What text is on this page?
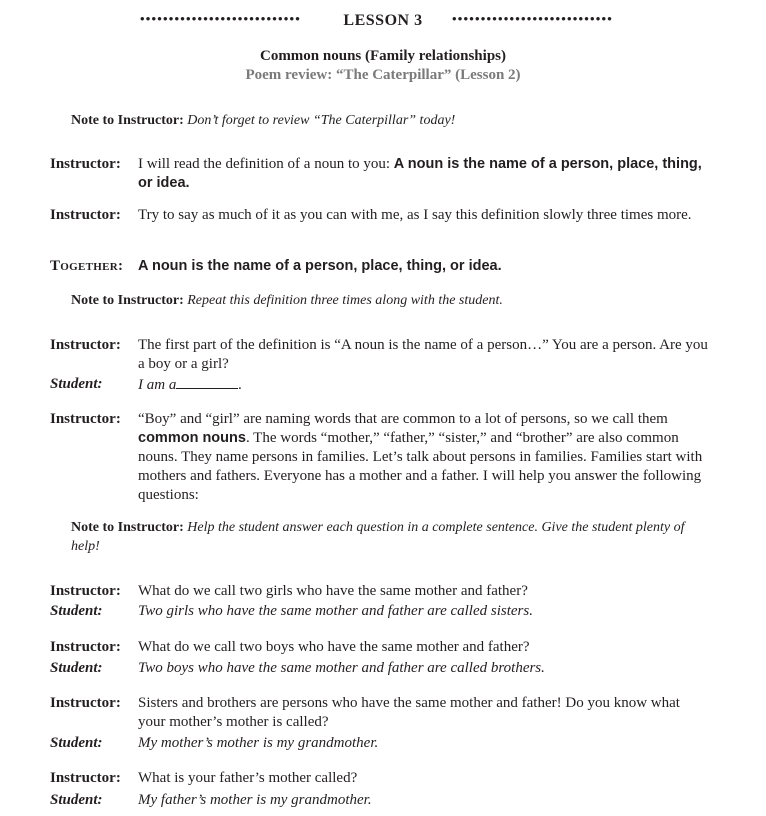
••••••••••••••••••••••••••••	LESSON 3	••••••••••••••••••••••••••••
Common nouns (Family relationships)
Poem review: “The Caterpillar” (Lesson 2)
Note to Instructor: Don’t forget to review “The Caterpillar” today!
Instructor: I will read the definition of a noun to you: A noun is the name of a person, place, thing, or idea.
Instructor: Try to say as much of it as you can with me, as I say this definition slowly three times more.
Together: A noun is the name of a person, place, thing, or idea.
Note to Instructor: Repeat this definition three times along with the student.
Instructor: The first part of the definition is “A noun is the name of a person…” You are a person. Are you a boy or a girl?
Student: I am a	.
Instructor: “Boy” and “girl” are naming words that are common to a lot of persons, so we call them common nouns. The words “mother,” “father,” “sister,” and “brother” are also common nouns. They name persons in families. Let’s talk about persons in families. Families start with mothers and fathers. Everyone has a mother and a father. I will help you answer the following questions:
Note to Instructor: Help the student answer each question in a complete sentence. Give the student plenty of help!
Instructor: What do we call two girls who have the same mother and father?
Student: Two girls who have the same mother and father are called sisters.
Instructor: What do we call two boys who have the same mother and father?
Student: Two boys who have the same mother and father are called brothers.
Instructor: Sisters and brothers are persons who have the same mother and father! Do you know what your mother’s mother is called?
Student: My mother’s mother is my grandmother.
Instructor: What is your father’s mother called?
Student: My father’s mother is my grandmother.
